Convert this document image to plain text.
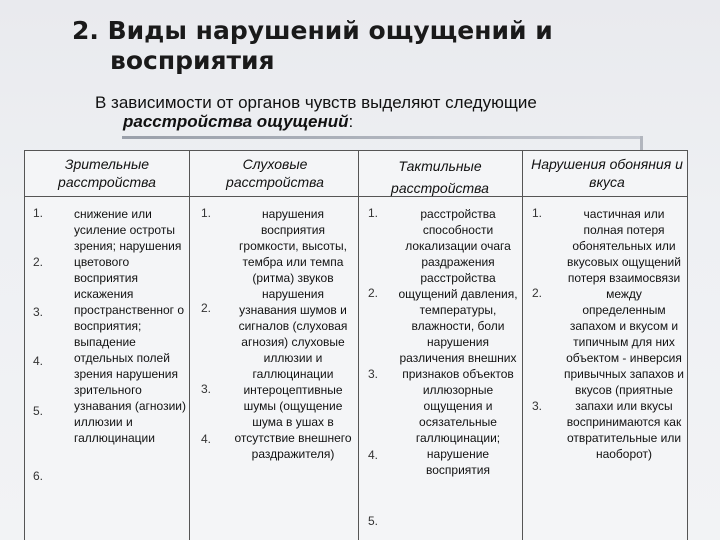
2. Виды нарушений ощущений и
восприятия
В зависимости от органов чувств выделяют следующие
расстройства ощущений:
Зрительные расстройства
Слуховые расстройства
Тактильные расстройства
Нарушения обоняния и вкуса
1.
2.
3.
4.
5.
6.
снижение или усиление остроты зрения; нарушения цветового восприятия искажения пространственног о восприятия; выпадение отдельных полей зрения нарушения зрительного узнавания (агнозии) иллюзии и галлюцинации
1.
2.
3.
4.
нарушения восприятия громкости, высоты, тембра или темпа (ритма) звуков нарушения узнавания шумов и сигналов (слуховая агнозия) слуховые иллюзии и галлюцинации интероцептивные шумы (ощущение шума в ушах в отсутствие внешнего раздражителя)
1.
2.
3.
4.
5.
расстройства способности локализации очага раздражения расстройства ощущений давления, температуры, влажности, боли нарушения различения внешних признаков объектов иллюзорные ощущения и осязательные галлюцинации; нарушение восприятия
1.
2.
3.
частичная или полная потеря обонятельных или вкусовых ощущений потеря взаимосвязи между определенным запахом и вкусом и типичным для них объектом - инверсия привычных запахов и вкусов (приятные запахи или вкусы воспринимаются как отвратительные или наоборот)
